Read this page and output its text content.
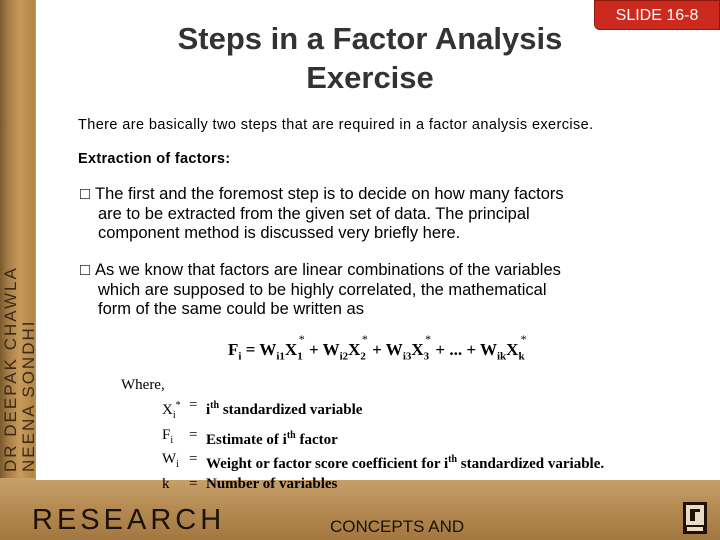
DR DEEPAK CHAWLA NEENA SONDHI
SLIDE 16-8
Steps in a Factor Analysis
Exercise
There are basically two steps that are required in a factor analysis exercise.
Extraction of factors:
□ The first and the foremost step is to decide on how many factors
are to be extracted from the given set of data. The principal
component method is discussed very briefly here.
□ As we know that factors are linear combinations of the variables
which are supposed to be highly correlated, the mathematical
form of the same could be written as
$F_i = W_{i1}X_1^* + W_{i2}X_2^* + W_{i3}X_3^*$ + ... + $W_{ik}X_k^*$
Where,
$X_i^* = i^{th}$ standardized variable
$F_i$	= Estimate of $i^{th}$ factor
$W_i$ = Weight or factor score coefficient for $i^{th}$ standardized variable.
k	= Number of variables
RESEARCH	CONCEPTS AND
